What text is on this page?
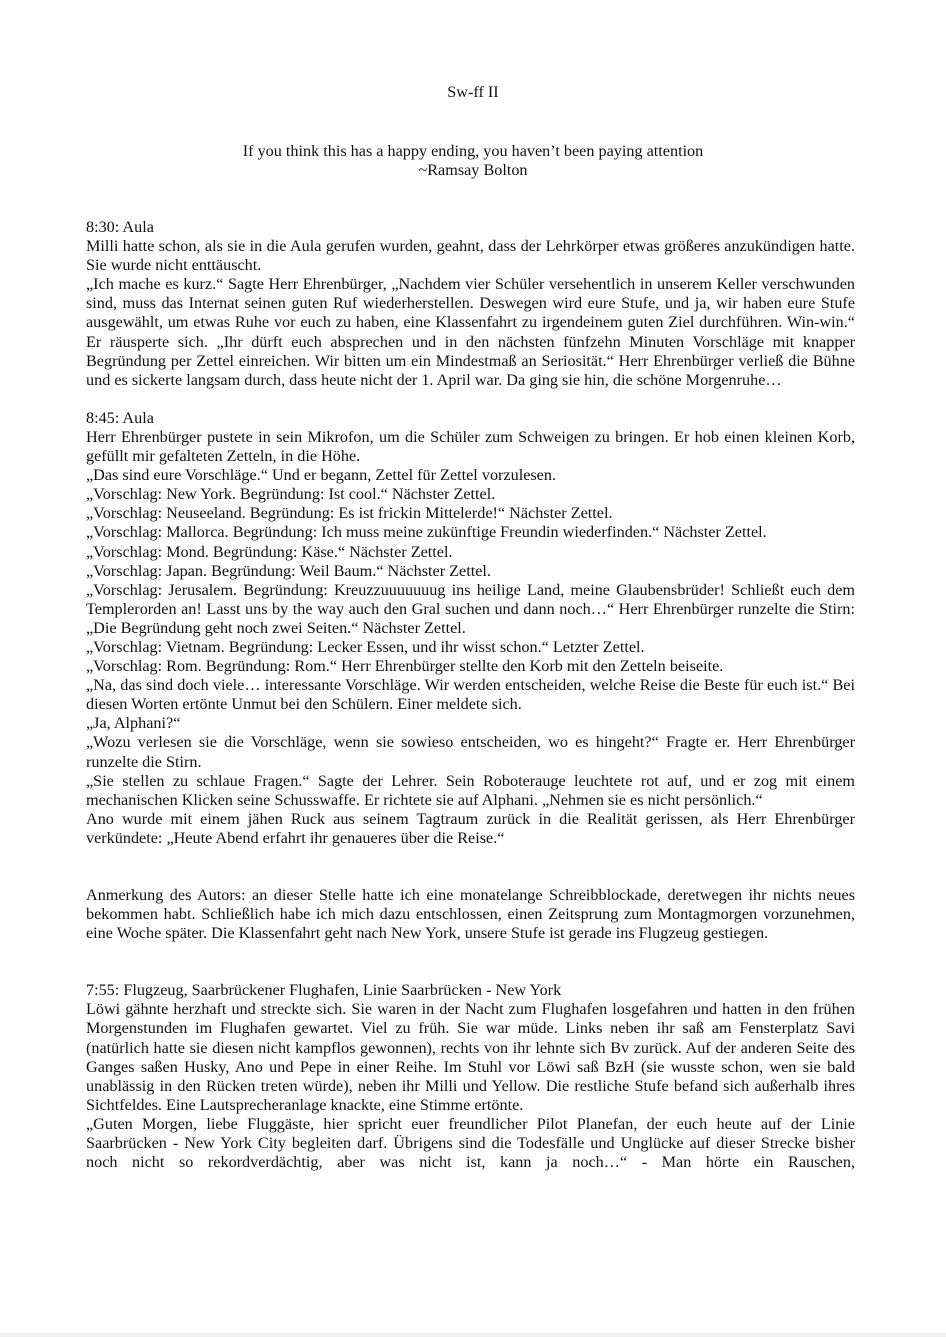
Sw-ff II
If you think this has a happy ending, you haven’t been paying attention
~Ramsay Bolton

8:30: Aula

Milli hatte schon, als sie in die Aula gerufen wurden, geahnt, dass der Lehrkörper etwas größeres anzukündigen hatte. Sie wurde nicht enttäuscht.

„Ich mache es kurz.“ Sagte Herr Ehrenbürger, „Nachdem vier Schüler versehentlich in unserem Keller verschwunden sind, muss das Internat seinen guten Ruf wiederherstellen. Deswegen wird eure Stufe, und ja, wir haben eure Stufe ausgewählt, um etwas Ruhe vor euch zu haben, eine Klassenfahrt zu irgendeinem guten Ziel durchführen. Win-win.“ Er räusperte sich. „Ihr dürft euch absprechen und in den nächsten fünfzehn Minuten Vorschläge mit knapper Begründung per Zettel einreichen. Wir bitten um ein Mindestmaß an Seriosität.“ Herr Ehrenbürger verließ die Bühne und es sickerte langsam durch, dass heute nicht der 1. April war. Da ging sie hin, die schöne Morgenruhe…

8:45: Aula

Herr Ehrenbürger pustete in sein Mikrofon, um die Schüler zum Schweigen zu bringen. Er hob einen kleinen Korb, gefüllt mir gefalteten Zetteln, in die Höhe.

„Das sind eure Vorschläge.“ Und er begann, Zettel für Zettel vorzulesen.

„Vorschlag: New York. Begründung: Ist cool.“ Nächster Zettel.

„Vorschlag: Neuseeland. Begründung: Es ist frickin Mittelerde!“ Nächster Zettel.

„Vorschlag: Mallorca. Begründung: Ich muss meine zukünftige Freundin wiederfinden.“ Nächster Zettel.

„Vorschlag: Mond. Begründung: Käse.“ Nächster Zettel.

„Vorschlag: Japan. Begründung: Weil Baum.“ Nächster Zettel.

„Vorschlag: Jerusalem. Begründung: Kreuzzuuuuuuug ins heilige Land, meine Glaubensbrüder! Schließt euch dem Templerorden an! Lasst uns by the way auch den Gral suchen und dann noch…“ Herr Ehrenbürger runzelte die Stirn: „Die Begründung geht noch zwei Seiten.“ Nächster Zettel.

„Vorschlag: Vietnam. Begründung: Lecker Essen, und ihr wisst schon.“ Letzter Zettel.

„Vorschlag: Rom. Begründung: Rom.“ Herr Ehrenbürger stellte den Korb mit den Zetteln beiseite.

„Na, das sind doch viele… interessante Vorschläge. Wir werden entscheiden, welche Reise die Beste für euch ist.“ Bei diesen Worten ertönte Unmut bei den Schülern. Einer meldete sich.

„Ja, Alphani?“

„Wozu verlesen sie die Vorschläge, wenn sie sowieso entscheiden, wo es hingeht?“ Fragte er. Herr Ehrenbürger runzelte die Stirn.

„Sie stellen zu schlaue Fragen.“ Sagte der Lehrer. Sein Roboterauge leuchtete rot auf, und er zog mit einem mechanischen Klicken seine Schusswaffe. Er richtete sie auf Alphani. „Nehmen sie es nicht persönlich.“

Ano wurde mit einem jähen Ruck aus seinem Tagtraum zurück in die Realität gerissen, als Herr Ehrenbürger verkündete: „Heute Abend erfahrt ihr genaueres über die Reise.“

Anmerkung des Autors: an dieser Stelle hatte ich eine monatelange Schreibblockade, deretwegen ihr nichts neues bekommen habt. Schließlich habe ich mich dazu entschlossen, einen Zeitsprung zum Montagmorgen vorzunehmen, eine Woche später. Die Klassenfahrt geht nach New York, unsere Stufe ist gerade ins Flugzeug gestiegen.

7:55: Flugzeug, Saarbrückener Flughafen, Linie Saarbrücken - New York

Löwi gähnte herzhaft und streckte sich. Sie waren in der Nacht zum Flughafen losgefahren und hatten in den frühen Morgenstunden im Flughafen gewartet. Viel zu früh. Sie war müde. Links neben ihr saß am Fensterplatz Savi (natürlich hatte sie diesen nicht kampflos gewonnen), rechts von ihr lehnte sich Bv zurück. Auf der anderen Seite des Ganges saßen Husky, Ano und Pepe in einer Reihe. Im Stuhl vor Löwi saß BzH (sie wusste schon, wen sie bald unablässig in den Rücken treten würde), neben ihr Milli und Yellow. Die restliche Stufe befand sich außerhalb ihres Sichtfeldes. Eine Lautsprecheranlage knackte, eine Stimme ertönte.

„Guten Morgen, liebe Fluggäste, hier spricht euer freundlicher Pilot Planefan, der euch heute auf der Linie Saarbrücken - New York City begleiten darf. Übrigens sind die Todesfälle und Unglücke auf dieser Strecke bisher noch nicht so rekordverdächtig, aber was nicht ist, kann ja noch…“ - Man hörte ein Rauschen,
